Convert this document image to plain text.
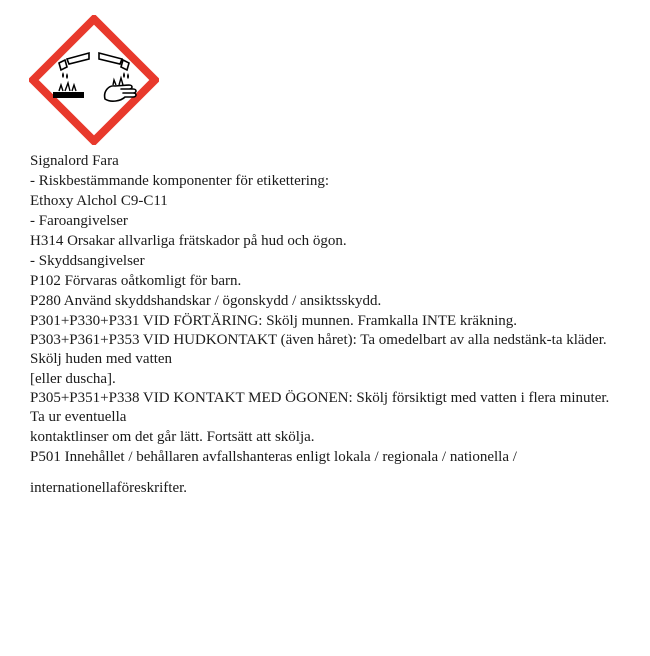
Signalord Fara

- Riskbestämmande komponenter för etikettering:

Ethoxy Alchol C9-C11

- Faroangivelser

H314 Orsakar allvarliga frätskador på hud och ögon.

- Skyddsangivelser

P102 Förvaras oåtkomligt för barn.

P280 Använd skyddshandskar / ögonskydd / ansiktsskydd.

P301+P330+P331 VID FÖRTÄRING: Skölj munnen. Framkalla INTE kräkning.

P303+P361+P353 VID HUDKONTAKT (även håret): Ta omedelbart av alla nedstänk-ta kläder. Skölj huden med vatten

[eller duscha].

P305+P351+P338 VID KONTAKT MED ÖGONEN: Skölj försiktigt med vatten i flera minuter. Ta ur eventuella

kontaktlinser om det går lätt. Fortsätt att skölja.

P501 Innehållet / behållaren avfallshanteras enligt lokala / regionala / nationella /

internationellaföreskrifter.
